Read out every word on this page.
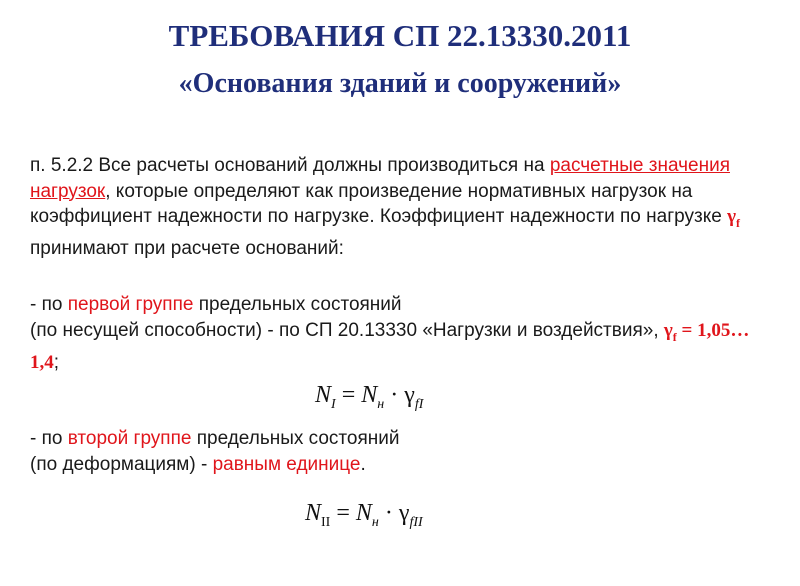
ТРЕБОВАНИЯ СП 22.13330.2011
«Основания зданий и сооружений»

п. 5.2.2 Все расчеты оснований должны производиться на расчетные значения нагрузок, которые определяют как произведение нормативных нагрузок на коэффициент надежности по нагрузке. Коэффициент надежности по нагрузке $\gamma_f$ принимают при расчете оснований:

- по первой группе предельных состояний
(по несущей способности) - по СП 20.13330 «Нагрузки и воздействия», $\gamma_f$ = 1,05…1,4;

$N_I = N_н \cdot \gamma_{fI}$

- по второй группе предельных состояний
(по деформациям) - равным единице.

$N_{II} = N_н \cdot \gamma_{fII}$
